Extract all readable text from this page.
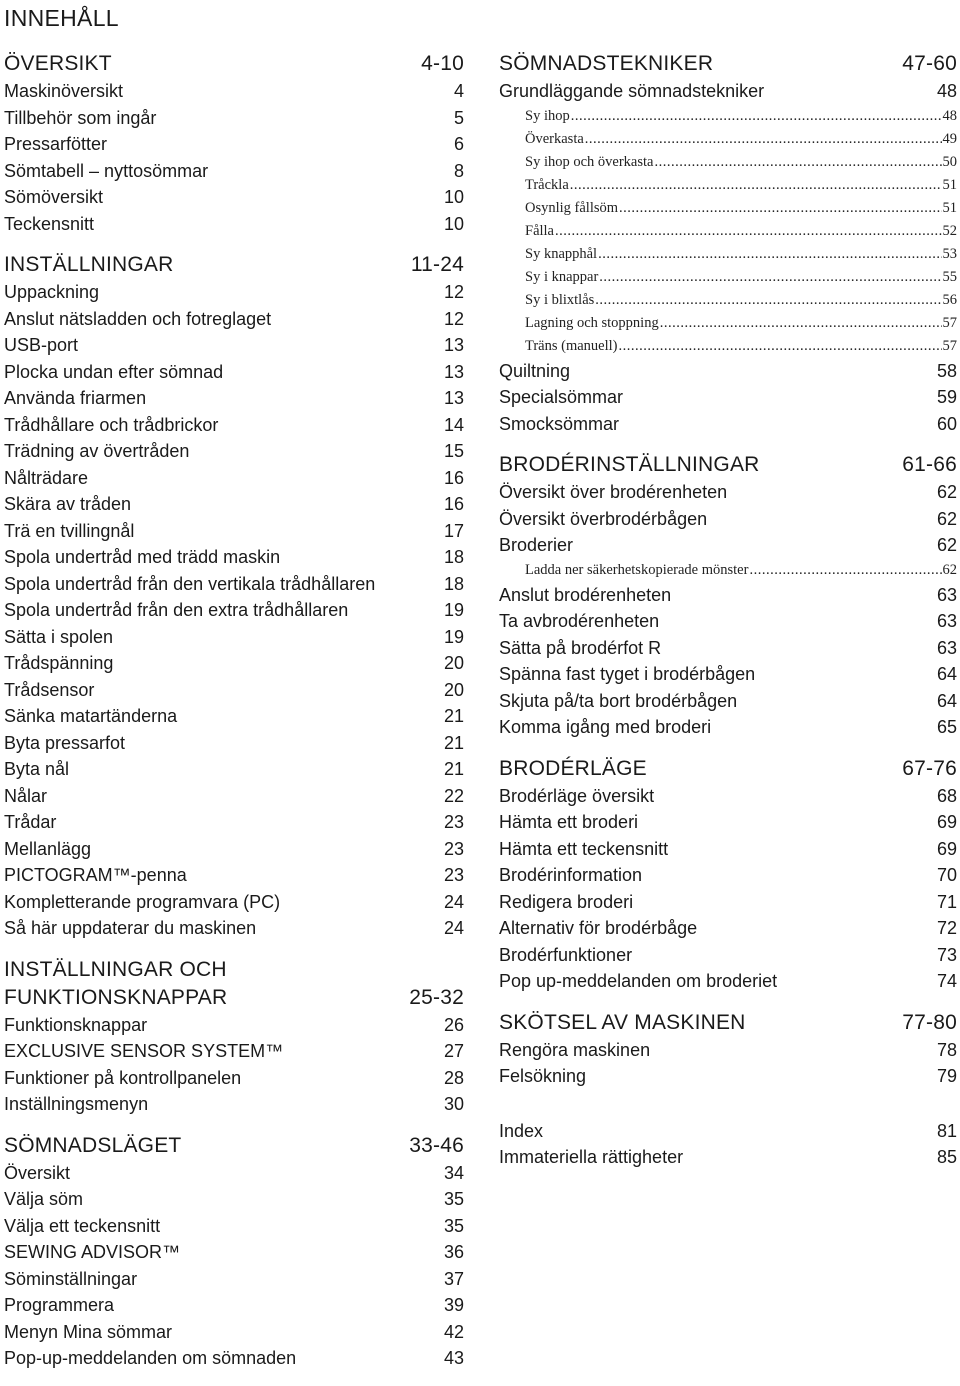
INNEHÅLL
ÖVERSIKT	4-10
Maskinöversikt	4
Tillbehör som ingår	5
Pressarfötter	6
Sömtabell – nyttosömmar	8
Sömöversikt	10
Teckensnitt	10
INSTÄLLNINGAR	11-24
Uppackning	12
Anslut nätsladden och fotreglaget	12
USB-port	13
Plocka undan efter sömnad	13
Använda friarmen	13
Trådhållare och trådbrickor	14
Trädning av övertråden	15
Nålträdare	16
Skära av tråden	16
Trä en tvillingnål	17
Spola undertråd med trädd maskin	18
Spola undertråd från den vertikala trådhållaren	18
Spola undertråd från den extra trådhållaren	19
Sätta i spolen	19
Trådspänning	20
Trådsensor	20
Sänka matartänderna	21
Byta pressarfot	21
Byta nål	21
Nålar	22
Trådar	23
Mellanlägg	23
PICTOGRAM™-penna	23
Kompletterande programvara (PC)	24
Så här uppdaterar du maskinen	24
INSTÄLLNINGAR OCH
FUNKTIONSKNAPPAR	25-32
Funktionsknappar	26
EXCLUSIVE SENSOR SYSTEM™	27
Funktioner på kontrollpanelen	28
Inställningsmenyn	30
SÖMNADSLÄGET	33-46
Översikt	34
Välja söm	35
Välja ett teckensnitt	35
SEWING ADVISOR™	36
Söminställningar	37
Programmera	39
Menyn Mina sömmar	42
Pop-up-meddelanden om sömnaden	43
SÖMNADSTEKNIKER	47-60
Grundläggande sömnadstekniker	48
Sy ihop .....	48
Överkasta .....	49
Sy ihop och överkasta .....	50
Tråckla .....	51
Osynlig fållsöm .....	51
Fålla .....	52
Sy knapphål .....	53
Sy i knappar .....	55
Sy i blixtlås .....	56
Lagning och stoppning .....	57
Träns (manuell) .....	57
Quiltning	58
Specialsömmar	59
Smocksömmar	60
BRODÉRINSTÄLLNINGAR	61-66
Översikt över brodérenheten	62
Översikt överbrodérbågen	62
Broderier	62
Ladda ner säkerhetskopierade mönster .....	62
Anslut brodérenheten	63
Ta avbrodérenheten	63
Sätta på brodérfot R	63
Spänna fast tyget i brodérbågen	64
Skjuta på/ta bort brodérbågen	64
Komma igång med broderi	65
BRODÉRLÄGE	67-76
Brodérläge översikt	68
Hämta ett broderi	69
Hämta ett teckensnitt	69
Brodérinformation	70
Redigera broderi	71
Alternativ för brodérbåge	72
Brodérfunktioner	73
Pop up-meddelanden om broderiet	74
SKÖTSEL AV MASKINEN	77-80
Rengöra maskinen	78
Felsökning	79
Index	81
Immateriella rättigheter	85
